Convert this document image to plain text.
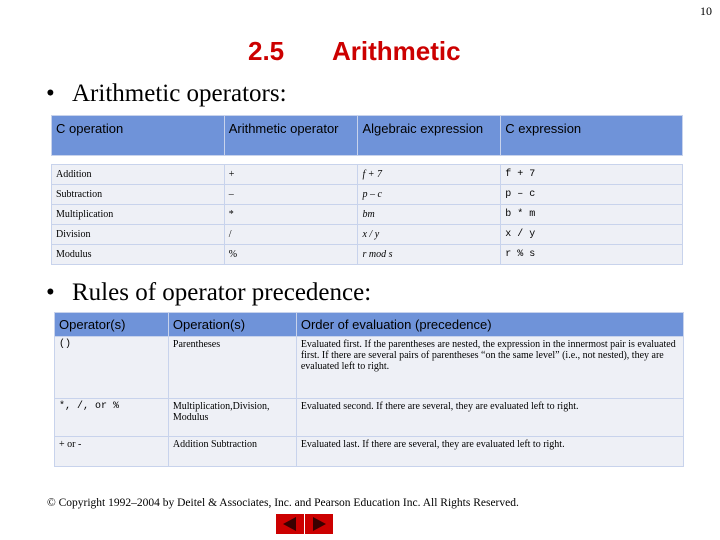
10
2.5 Arithmetic
• Arithmetic operators:
C operation	Arithmetic operator	Algebraic expression	C expression

Addition	+	f + 7	f + 7
Subtraction	–	p – c	p – c
Multiplication	*	bm	b * m
Division	/	x / y	x / y
Modulus	%	r mod s	r % s
• Rules of operator precedence:
Operator(s)	Operation(s)	Order of evaluation (precedence)
()	Parentheses	Evaluated first. If the parentheses are nested, the expression in the innermost pair is evaluated first. If there are several pairs of parentheses “on the same level” (i.e., not nested), they are evaluated left to right.
*, /, or %	Multiplication,Division, Modulus	Evaluated second. If there are several, they are evaluated left to right.
+ or -	Addition Subtraction	Evaluated last. If there are several, they are evaluated left to right.
© Copyright 1992–2004 by Deitel & Associates, Inc. and Pearson Education Inc. All Rights Reserved.
